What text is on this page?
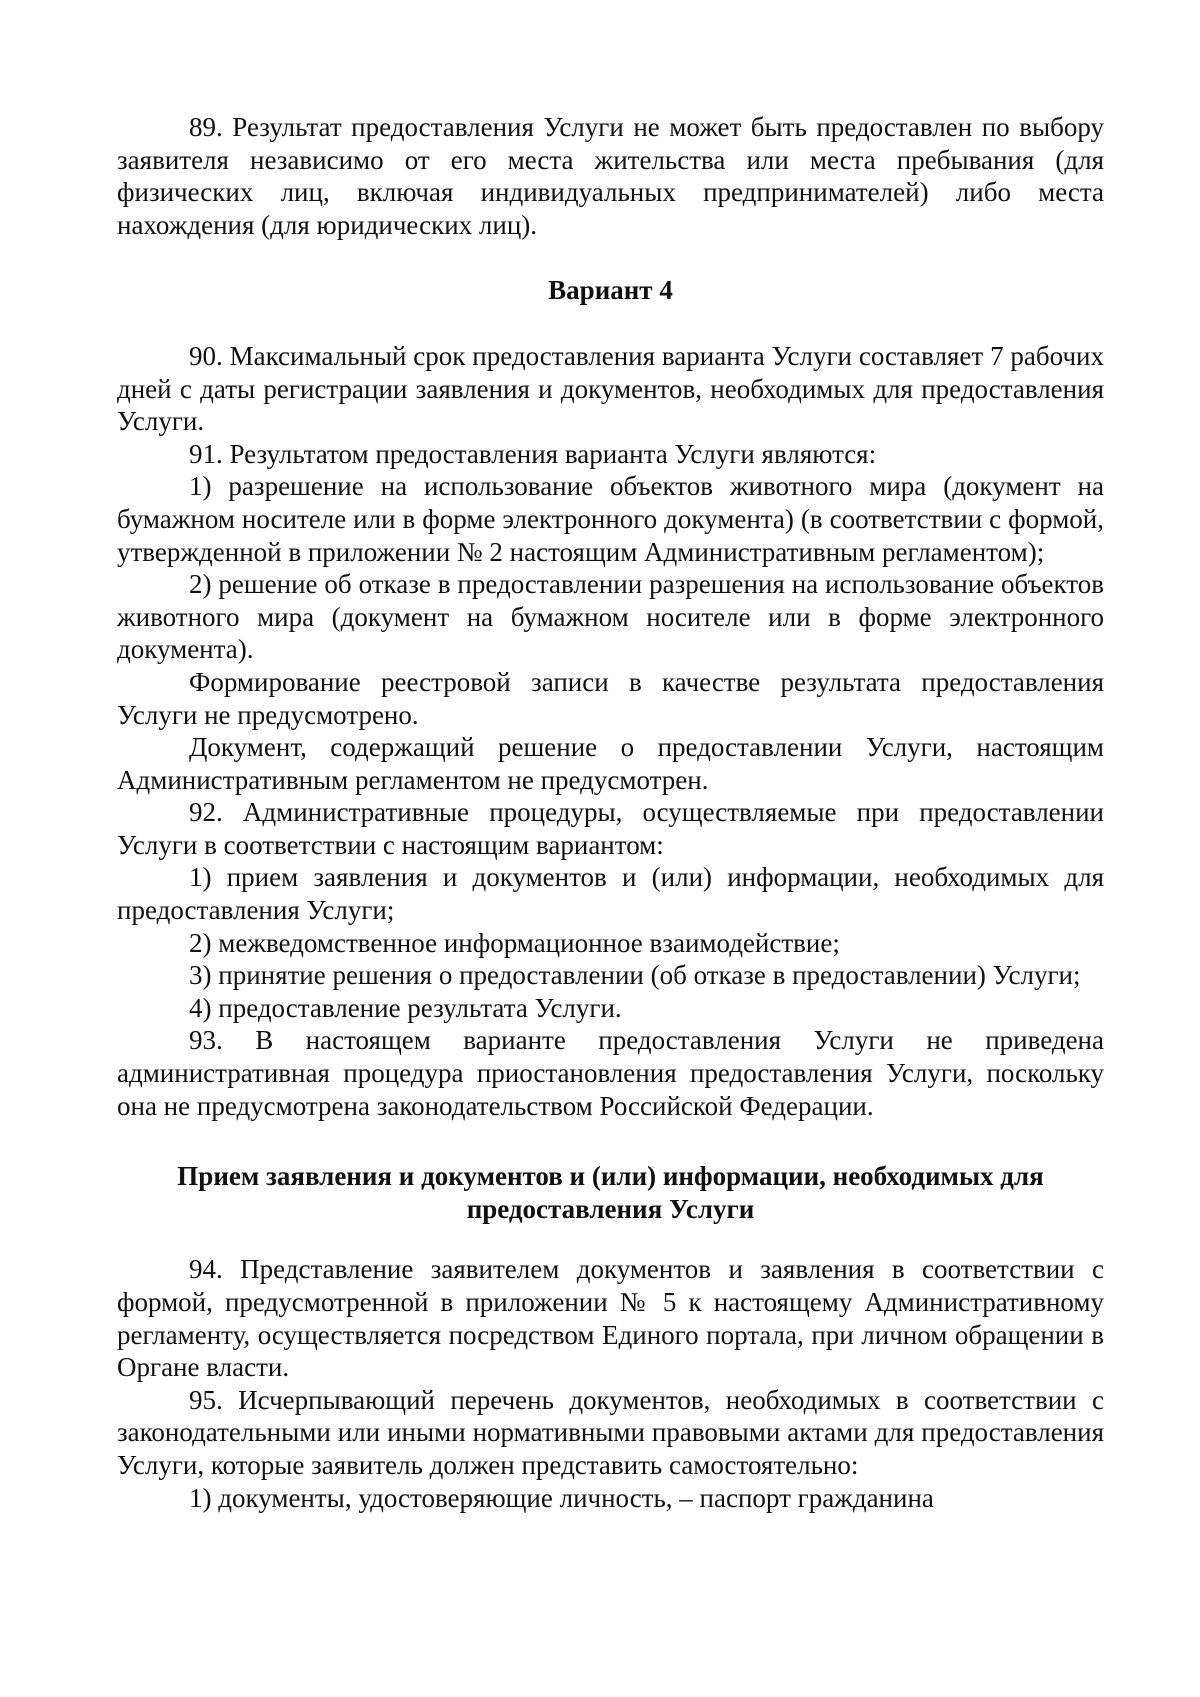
89. Результат предоставления Услуги не может быть предоставлен по выбору заявителя независимо от его места жительства или места пребывания (для физических лиц, включая индивидуальных предпринимателей) либо места нахождения (для юридических лиц).

Вариант 4

90. Максимальный срок предоставления варианта Услуги составляет 7 рабочих дней с даты регистрации заявления и документов, необходимых для предоставления Услуги.

91. Результатом предоставления варианта Услуги являются:

1) разрешение на использование объектов животного мира (документ на бумажном носителе или в форме электронного документа) (в соответствии с формой, утвержденной в приложении № 2 настоящим Административным регламентом);

2) решение об отказе в предоставлении разрешения на использование объектов животного мира (документ на бумажном носителе или в форме электронного документа).

Формирование реестровой записи в качестве результата предоставления Услуги не предусмотрено.

Документ, содержащий решение о предоставлении Услуги, настоящим Административным регламентом не предусмотрен.

92. Административные процедуры, осуществляемые при предоставлении Услуги в соответствии с настоящим вариантом:

1) прием заявления и документов и (или) информации, необходимых для предоставления Услуги;

2) межведомственное информационное взаимодействие;

3) принятие решения о предоставлении (об отказе в предоставлении) Услуги;

4) предоставление результата Услуги.

93. В настоящем варианте предоставления Услуги не приведена административная процедура приостановления предоставления Услуги, поскольку она не предусмотрена законодательством Российской Федерации.

Прием заявления и документов и (или) информации, необходимых для предоставления Услуги

94. Представление заявителем документов и заявления в соответствии с формой, предусмотренной в приложении № 5 к настоящему Административному регламенту, осуществляется посредством Единого портала, при личном обращении в Органе власти.

95. Исчерпывающий перечень документов, необходимых в соответствии с законодательными или иными нормативными правовыми актами для предоставления Услуги, которые заявитель должен представить самостоятельно:

1) документы, удостоверяющие личность, – паспорт гражданина
